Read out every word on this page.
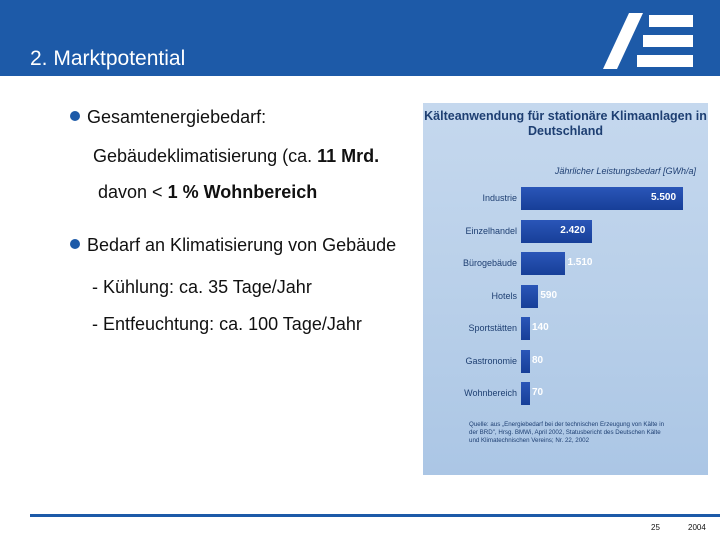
2. Marktpotential
Gesamtenergiebedarf:
Gebäudeklimatisierung (ca. 11 Mrd.
davon < 1 % Wohnbereich
Bedarf an Klimatisierung von Gebäude
- Kühlung: ca. 35 Tage/Jahr
- Entfeuchtung: ca. 100 Tage/Jahr
Kälteanwendung für stationäre Klimaanlagen in Deutschland
Jährlicher Leistungsbedarf [GWh/a]
Industrie	5.500
Einzelhandel	2.420
Bürogebäude	1.510
Hotels 590
Sportstätten 140
Gastronomie 80
Wohnbereich 70
Quelle: aus „Energiebedarf bei der technischen Erzeugung von Kälte in der BRD", Hrsg. BMWi, April 2002, Statusbericht des Deutschen Kälte und Klimatechnischen Vereins; Nr. 22, 2002
25	2004
